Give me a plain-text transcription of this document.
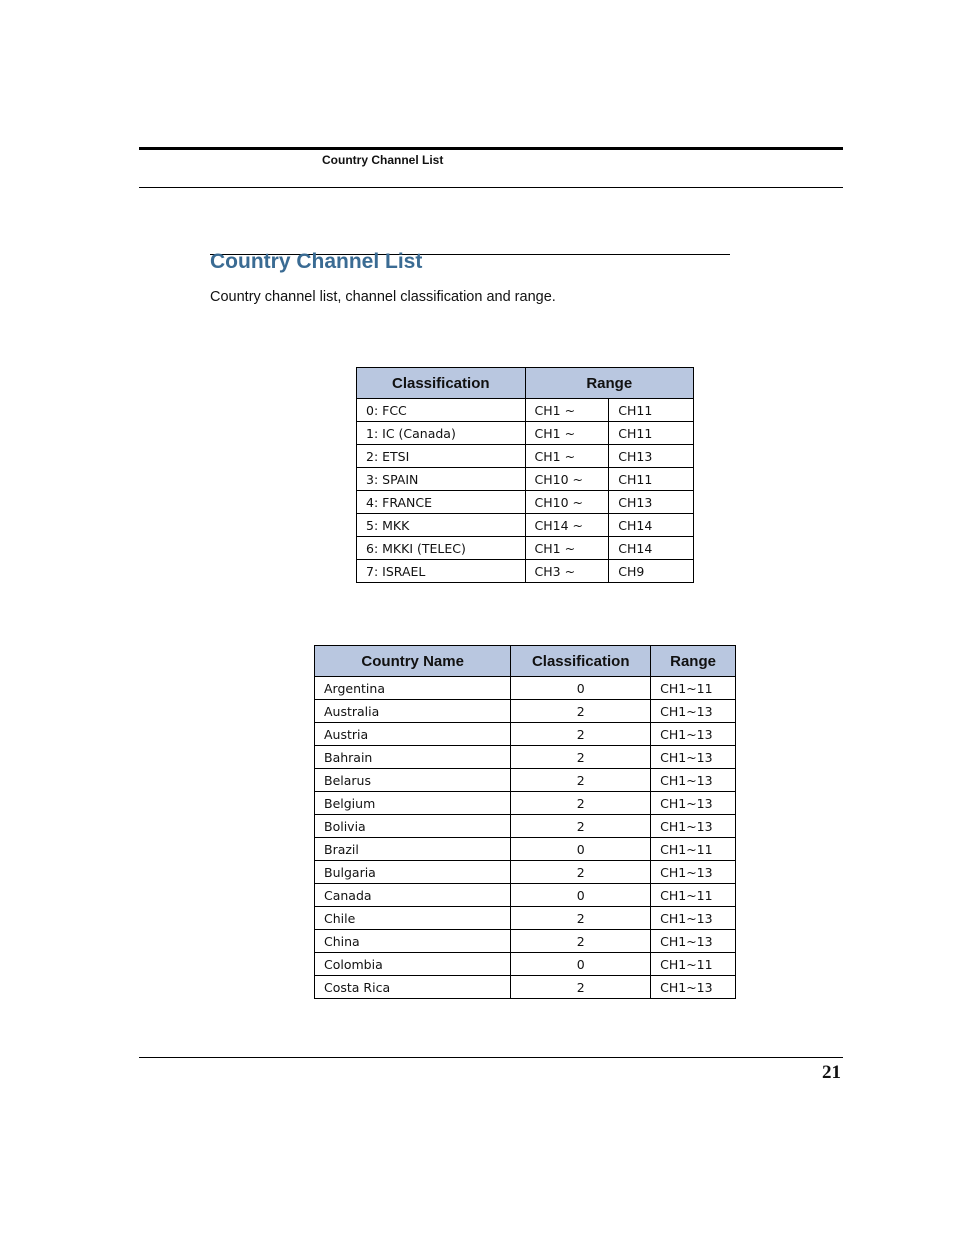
Country Channel List
Country Channel List

Country channel list, channel classification and range.

Classification	Range	
0: FCC	CH1 ~	CH11
1: IC (Canada)	CH1 ~	CH11
2: ETSI	CH1 ~	CH13
3: SPAIN	CH10 ~	CH11
4: FRANCE	CH10 ~	CH13
5: MKK	CH14 ~	CH14
6: MKKI (TELEC)	CH1 ~	CH14
7: ISRAEL	CH3 ~	CH9
Country Name	Classification	Range
Argentina	0	CH1~11
Australia	2	CH1~13
Austria	2	CH1~13
Bahrain	2	CH1~13
Belarus	2	CH1~13
Belgium	2	CH1~13
Bolivia	2	CH1~13
Brazil	0	CH1~11
Bulgaria	2	CH1~13
Canada	0	CH1~11
Chile	2	CH1~13
China	2	CH1~13
Colombia	0	CH1~11
Costa Rica	2	CH1~13
21
